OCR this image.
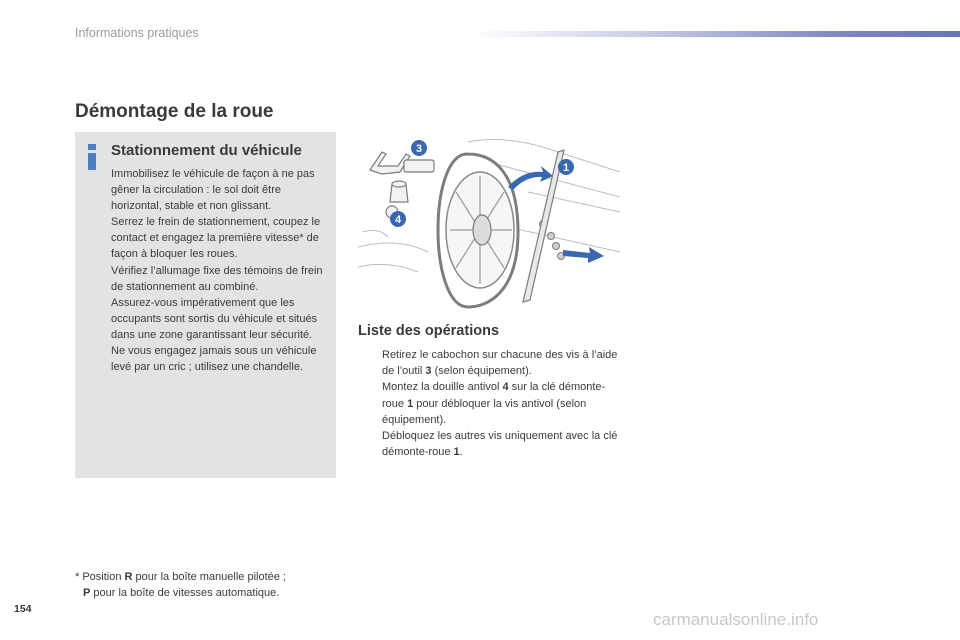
Informations pratiques
Démontage de la roue
Stationnement du véhicule

Immobilisez le véhicule de façon à ne pas gêner la circulation : le sol doit être horizontal, stable et non glissant.

Serrez le frein de stationnement, coupez le contact et engagez la première vitesse* de façon à bloquer les roues.

Vérifiez l’allumage fixe des témoins de frein de stationnement au combiné.

Assurez-vous impérativement que les occupants sont sortis du véhicule et situés dans une zone garantissant leur sécurité.

Ne vous engagez jamais sous un véhicule levé par un cric ; utilisez une chandelle.

3
1
4
Liste des opérations
Retirez le cabochon sur chacune des vis à l’aide de l’outil 3 (selon équipement).
Montez la douille antivol 4 sur la clé démonte-roue 1 pour débloquer la vis antivol (selon équipement).
Débloquez les autres vis uniquement avec la clé démonte-roue 1.

* Position R pour la boîte manuelle pilotée ;

P pour la boîte de vitesses automatique.

154
carmanualsonline.info
